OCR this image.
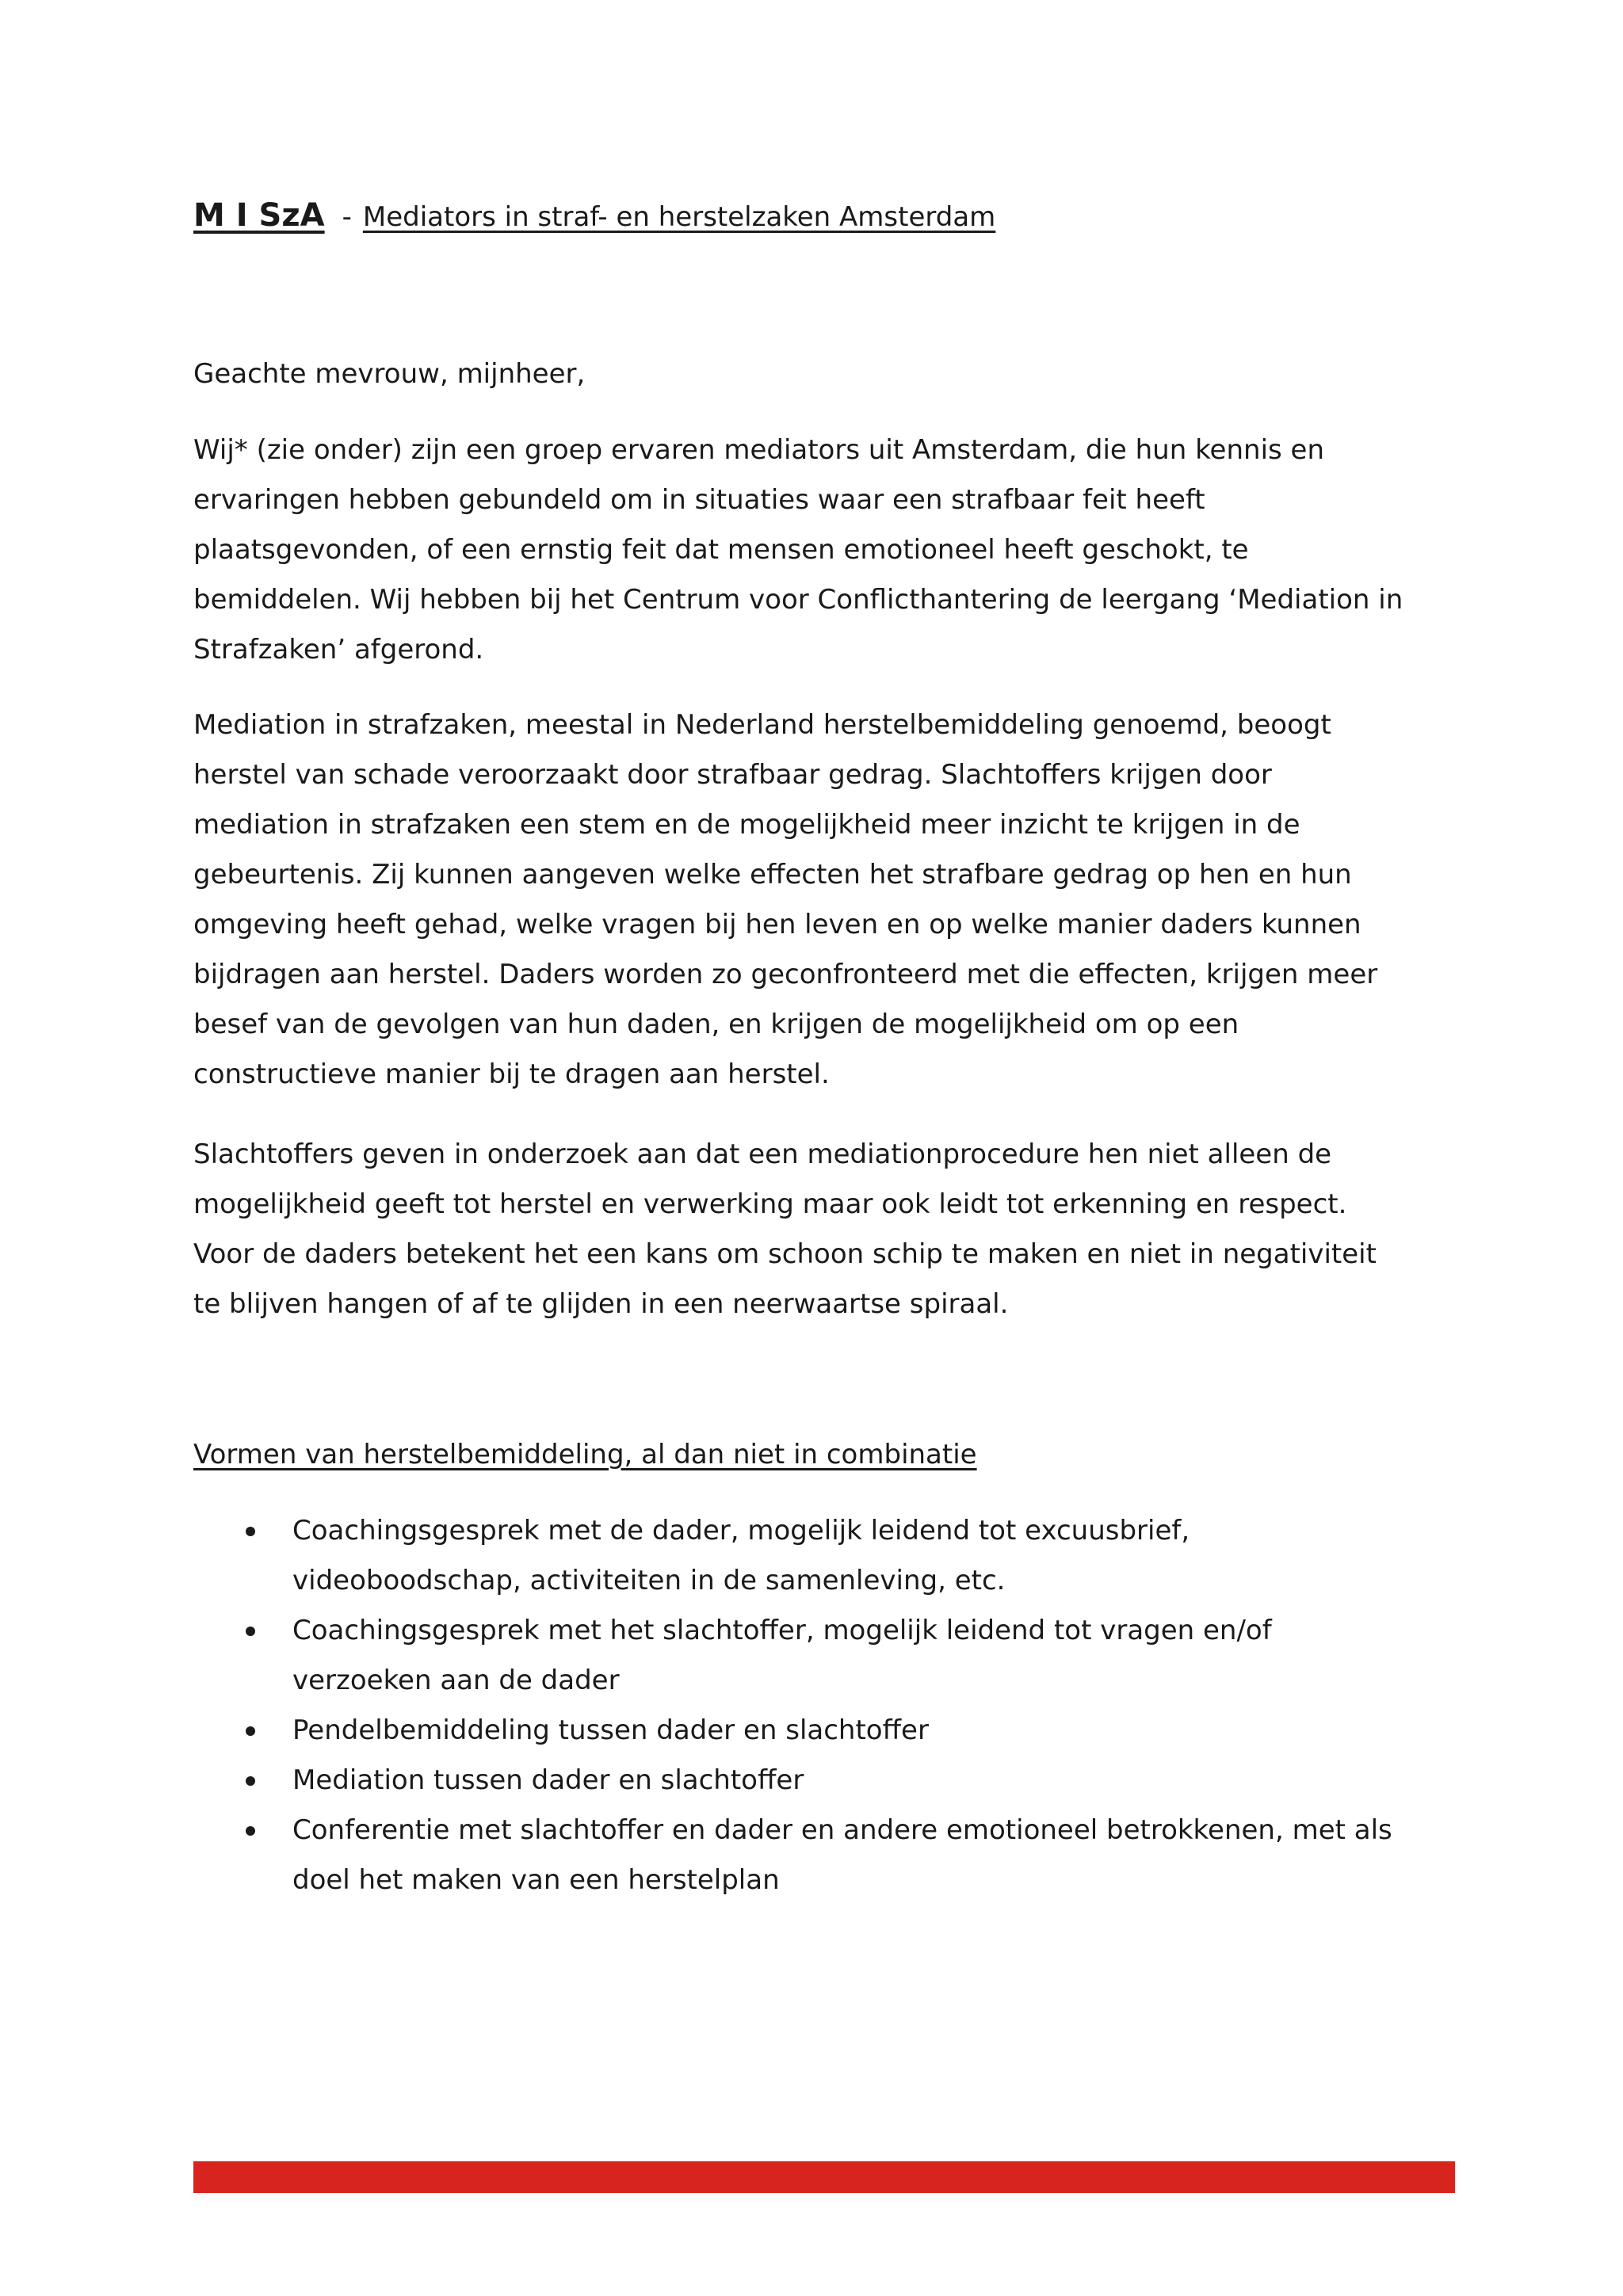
M I SzA - Mediators in straf- en herstelzaken Amsterdam

Geachte mevrouw, mijnheer,

Wij* (zie onder) zijn een groep ervaren mediators uit Amsterdam, die hun kennis en
ervaringen hebben gebundeld om in situaties waar een strafbaar feit heeft
plaatsgevonden, of een ernstig feit dat mensen emotioneel heeft geschokt, te
bemiddelen. Wij hebben bij het Centrum voor Conflicthantering de leergang ‘Mediation in
Strafzaken’ afgerond.

Mediation in strafzaken, meestal in Nederland herstelbemiddeling genoemd, beoogt
herstel van schade veroorzaakt door strafbaar gedrag. Slachtoffers krijgen door
mediation in strafzaken een stem en de mogelijkheid meer inzicht te krijgen in de
gebeurtenis. Zij kunnen aangeven welke effecten het strafbare gedrag op hen en hun
omgeving heeft gehad, welke vragen bij hen leven en op welke manier daders kunnen
bijdragen aan herstel. Daders worden zo geconfronteerd met die effecten, krijgen meer
besef van de gevolgen van hun daden, en krijgen de mogelijkheid om op een
constructieve manier bij te dragen aan herstel.

Slachtoffers geven in onderzoek aan dat een mediationprocedure hen niet alleen de
mogelijkheid geeft tot herstel en verwerking maar ook leidt tot erkenning en respect.
Voor de daders betekent het een kans om schoon schip te maken en niet in negativiteit
te blijven hangen of af te glijden in een neerwaartse spiraal.

Vormen van herstelbemiddeling, al dan niet in combinatie
Coachingsgesprek met de dader, mogelijk leidend tot excuusbrief,
videoboodschap, activiteiten in de samenleving, etc.
Coachingsgesprek met het slachtoffer, mogelijk leidend tot vragen en/of
verzoeken aan de dader
Pendelbemiddeling tussen dader en slachtoffer
Mediation tussen dader en slachtoffer
Conferentie met slachtoffer en dader en andere emotioneel betrokkenen, met als
doel het maken van een herstelplan
